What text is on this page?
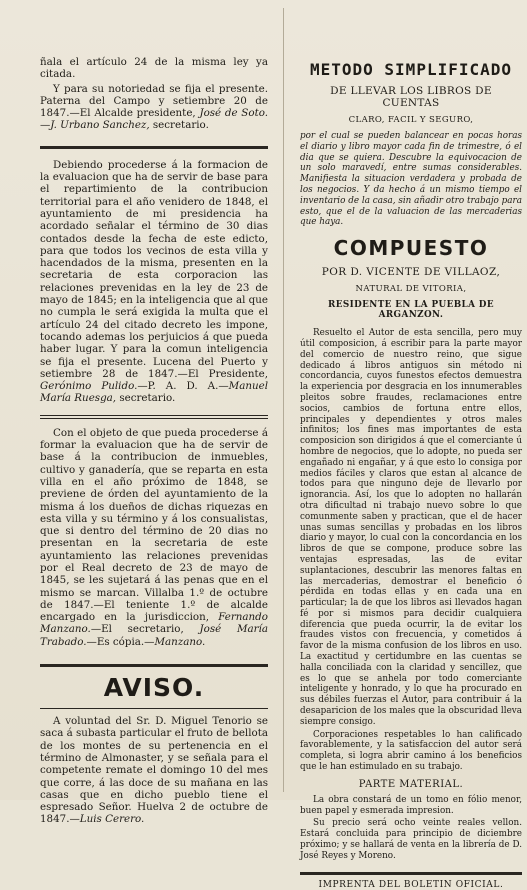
ñala el artículo 24 de la misma ley ya citada.

Y para su notoriedad se fija el presente. Paterna del Campo y setiembre 20 de 1847.—El Alcalde presidente, José de Soto.—J. Urbano Sanchez, secretario.

Debiendo procederse á la formacion de la evaluacion que ha de servir de base para el repartimiento de la contribucion territorial para el año venidero de 1848, el ayuntamiento de mi presidencia ha acordado señalar el término de 30 dias contados desde la fecha de este edicto, para que todos los vecinos de esta villa y hacendados de la misma, presenten en la secretaria de esta corporacion las relaciones prevenidas en la ley de 23 de mayo de 1845; en la inteligencia que al que no cumpla le será exigida la multa que el artículo 24 del citado decreto les impone, tocando ademas los perjuicios á que pueda haber lugar. Y para la comun inteligencia se fija el presente. Lucena del Puerto y setiembre 28 de 1847.—El Presidente, Gerónimo Pulido.—P. A. D. A.—Manuel María Ruesga, secretario.

Con el objeto de que pueda procederse á formar la evaluacion que ha de servir de base á la contribucion de inmuebles, cultivo y ganadería, que se reparta en esta villa en el año próximo de 1848, se previene de órden del ayuntamiento de la misma á los dueños de dichas riquezas en esta villa y su término y á los consualistas, que si dentro del término de 20 dias no presentan en la secretaria de este ayuntamiento las relaciones prevenidas por el Real decreto de 23 de mayo de 1845, se les sujetará á las penas que en el mismo se marcan. Villalba 1.º de octubre de 1847.—El teniente 1.º de alcalde encargado en la jurisdiccion, Fernando Manzano.—El secretario, José María Trabado.—Es cópia.—Manzano.

AVISO.

A voluntad del Sr. D. Miguel Tenorio se saca á subasta particular el fruto de bellota de los montes de su pertenencia en el término de Almonaster, y se señala para el competente remate el domingo 10 del mes que corre, á las doce de su mañana en las casas que en dicho pueblo tiene el espresado Señor. Huelva 2 de octubre de 1847.—Luis Cerero.

METODO SIMPLIFICADO
DE LLEVAR LOS LIBROS DE CUENTAS
CLARO, FACIL Y SEGURO,

por el cual se pueden balancear en pocas horas el diario y libro mayor cada fin de trimestre, ó el dia que se quiera. Descubre la equivocacion de un solo maravedí, entre sumas considerables. Manifiesta la situacion verdadera y probada de los negocios. Y da hecho á un mismo tiempo el inventario de la casa, sin añadir otro trabajo para esto, que el de la valuacion de las mercaderias que haya.

COMPUESTO
POR D. VICENTE DE VILLAOZ,
NATURAL DE VITORIA,
RESIDENTE EN LA PUEBLA DE ARGANZON.

Resuelto el Autor de esta sencilla, pero muy útil composicion, á escribir para la parte mayor del comercio de nuestro reino, que sigue dedicado á libros antiguos sin método ni concordancia, cuyos funestos efectos demuestra la experiencia por desgracia en los innumerables pleitos sobre fraudes, reclamaciones entre socios, cambios de fortuna entre ellos, principales y dependientes y otros males infinitos; los fines mas importantes de esta composicion son dirigidos á que el comerciante ú hombre de negocios, que lo adopte, no pueda ser engañado ni engañar, y á que esto lo consiga por medios fáciles y claros que estan al alcance de todos para que ninguno deje de llevarlo por ignorancia. Así, los que lo adopten no hallarán otra dificultad ni trabajo nuevo sobre lo que comunmente saben y practican, que el de hacer unas sumas sencillas y probadas en los libros diario y mayor, lo cual con la concordancia en los libros de que se compone, produce sobre las ventajas espresadas, las de evitar suplantaciones, descubrir las menores faltas en las mercaderias, demostrar el beneficio ó pérdida en todas ellas y en cada una en particular; la de que los libros asi llevados hagan fé por si mismos para decidir cualquiera diferencia que pueda ocurrir, la de evitar los fraudes vistos con frecuencia, y cometidos á favor de la misma confusion de los libros en uso. La exactitud y certidumbre en las cuentas se halla conciliada con la claridad y sencillez, que es lo que se anhela por todo comerciante inteligente y honrado, y lo que ha procurado en sus débiles fuerzas el Autor, para contribuir á la desaparicion de los males que la obscuridad lleva siempre consigo.

Corporaciones respetables lo han calificado favorablemente, y la satisfaccion del autor será completa, si logra abrir camino á los beneficios que le han estimulado en su trabajo.

PARTE MATERIAL.

La obra constará de un tomo en fólio menor, buen papel y esmerada impresion.

Su precio será ocho veinte reales vellon. Estará concluida para principio de diciembre próximo; y se hallará de venta en la librería de D. José Reyes y Moreno.

IMPRENTA DEL BOLETIN OFICIAL.
